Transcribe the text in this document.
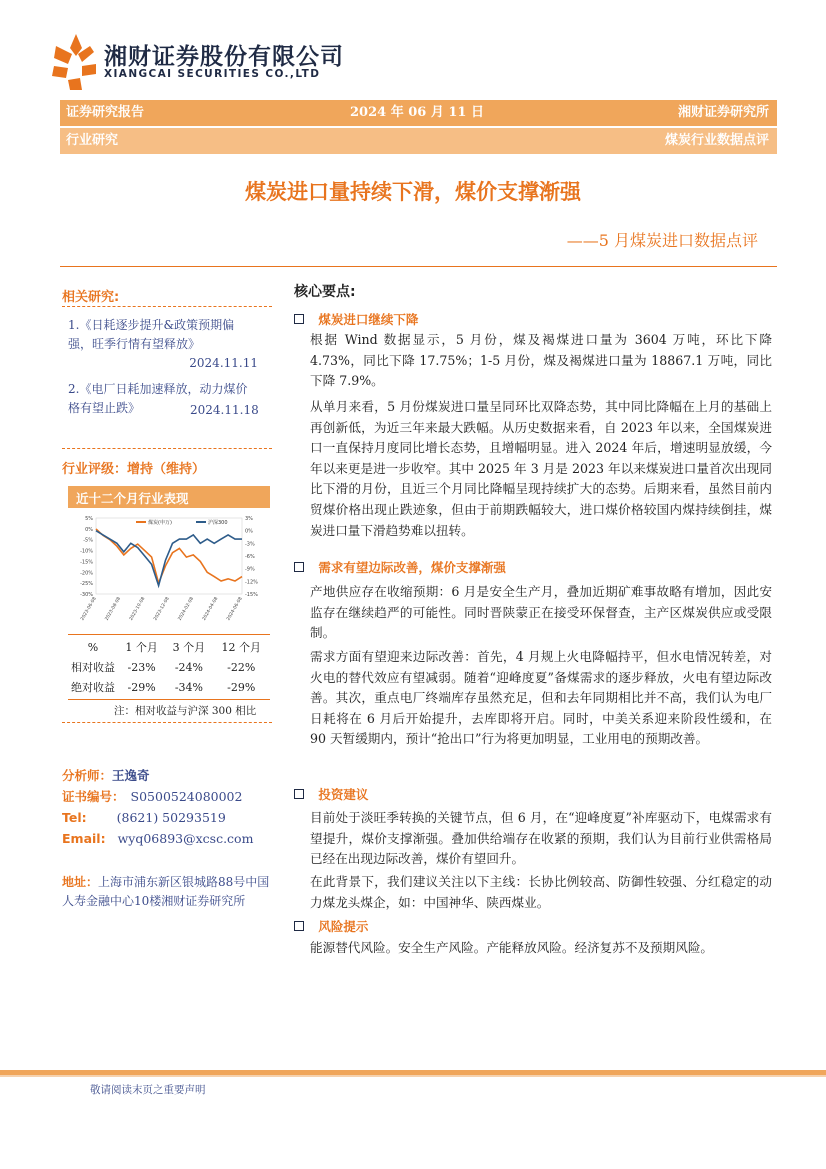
湘财证券股份有限公司
XIANGCAI SECURITIES CO.,LTD
证券研究报告	2024 年 06 月 11 日	湘财证券研究所
行业研究	煤炭行业数据点评
煤炭进口量持续下滑，煤价支撑渐强
——5 月煤炭进口数据点评
相关研究:
1.《日耗逐步提升&政策预期偏强，旺季行情有望释放》
2024.11.11
2.《电厂日耗加速释放，动力煤价格有望止跌》	2024.11.18
行业评级：增持（维持）
近十二个月行业表现
5%
0%
-5%
-10%
-15%
-20%
-25%
-30%
3%
0%
-3%
-6%
-9%
-12%
-15%
2023-06-08 2023-08-08 2023-10-08 2023-12-08 2024-02-08 2024-04-08 2024-06-08
煤炭(申万)	沪深300
%	1 个月	3 个月	12 个月
相对收益	-23%	-24%	-22%
绝对收益	-29%	-34%	-29%
注：相对收益与沪深 300 相比
分析师：王逸奇
证书编号： S0500524080002
Tel: (8621) 50293519
Email: wyq06893@xcsc.com
地址：上海市浦东新区银城路88号中国人寿金融中心10楼湘财证券研究所
核心要点:
煤炭进口继续下降
根据 Wind 数据显示，5 月份，煤及褐煤进口量为 3604 万吨，环比下降 4.73%，同比下降 17.75%；1-5 月份，煤及褐煤进口量为 18867.1 万吨，同比下降 7.9%。
从单月来看，5 月份煤炭进口量呈同环比双降态势，其中同比降幅在上月的基础上再创新低，为近三年来最大跌幅。从历史数据来看，自 2023 年以来，全国煤炭进口一直保持月度同比增长态势，且增幅明显。进入 2024 年后，增速明显放缓，今年以来更是进一步收窄。其中 2025 年 3 月是 2023 年以来煤炭进口量首次出现同比下滑的月份，且近三个月同比降幅呈现持续扩大的态势。后期来看，虽然目前内贸煤价格出现止跌迹象，但由于前期跌幅较大，进口煤价格较国内煤持续倒挂，煤炭进口量下滑趋势难以扭转。
需求有望边际改善，煤价支撑渐强
产地供应存在收缩预期：6 月是安全生产月，叠加近期矿难事故略有增加，因此安监存在继续趋严的可能性。同时晋陕蒙正在接受环保督查，主产区煤炭供应或受限制。
需求方面有望迎来边际改善：首先，4 月规上火电降幅持平，但水电情况转差，对火电的替代效应有望减弱。随着“迎峰度夏”备煤需求的逐步释放，火电有望边际改善。其次，重点电厂终端库存虽然充足，但和去年同期相比并不高，我们认为电厂日耗将在 6 月后开始提升，去库即将开启。同时，中美关系迎来阶段性缓和，在 90 天暂缓期内，预计“抢出口”行为将更加明显，工业用电的预期改善。
投资建议
目前处于淡旺季转换的关键节点，但 6 月，在“迎峰度夏”补库驱动下，电煤需求有望提升，煤价支撑渐强。叠加供给端存在收紧的预期，我们认为目前行业供需格局已经在出现边际改善，煤价有望回升。
在此背景下，我们建议关注以下主线：长协比例较高、防御性较强、分红稳定的动力煤龙头煤企，如：中国神华、陕西煤业。
风险提示
能源替代风险。安全生产风险。产能释放风险。经济复苏不及预期风险。
敬请阅读末页之重要声明
